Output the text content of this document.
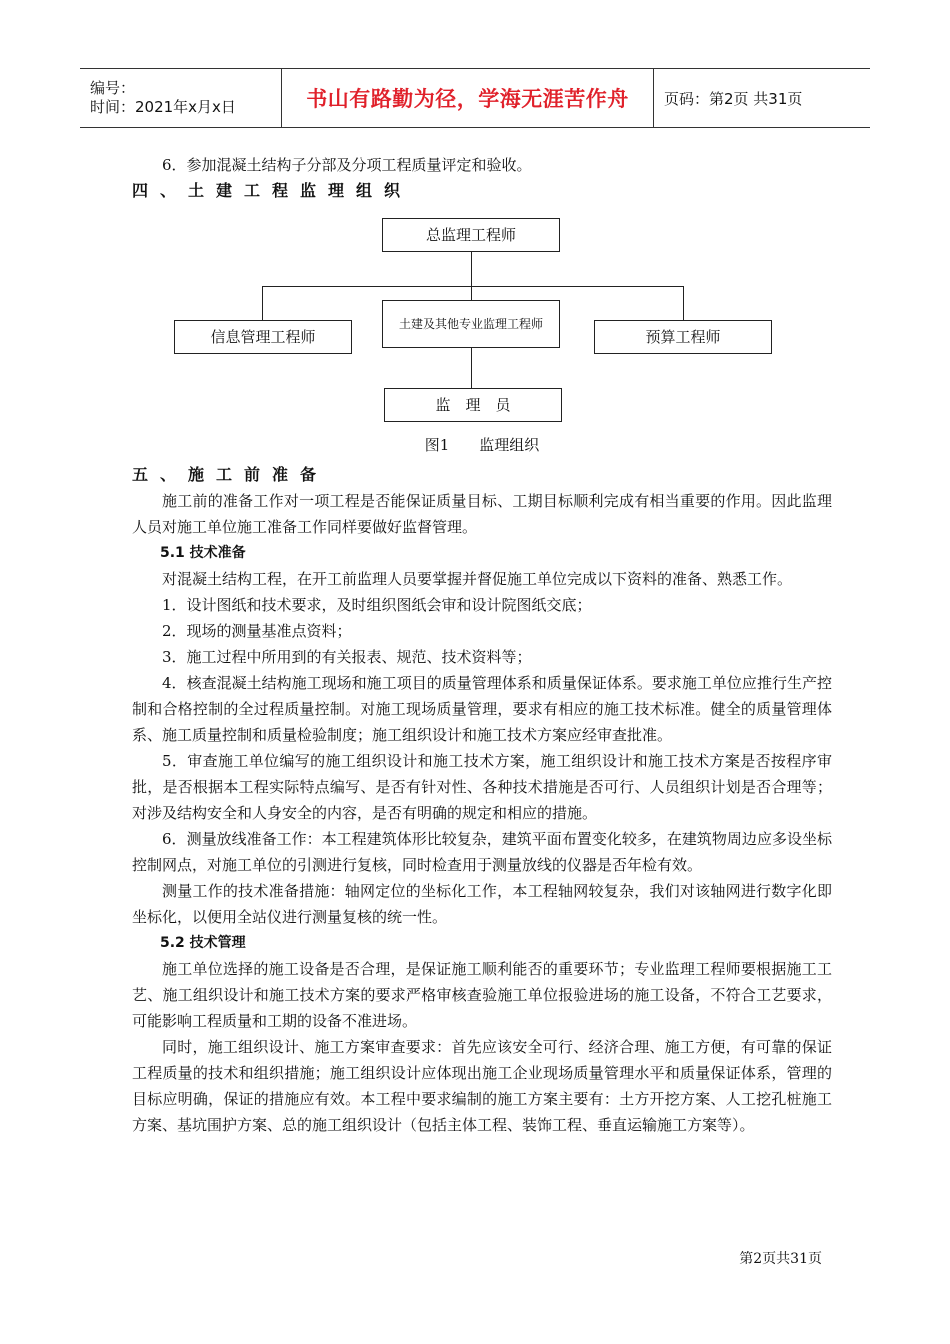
编号：
时间：2021年x月x日	书山有路勤为径，学海无涯苦作舟 页码：第2页 共31页

6．参加混凝土结构子分部及分项工程质量评定和验收。

四、土建工程监理组织

总监理工程师
信息管理工程师
土建及其他专业监理工程师
预算工程师
监　理　员
图1　　监理组织

五、施工前准备

施工前的准备工作对一项工程是否能保证质量目标、工期目标顺利完成有相当重要的作用。因此监理人员对施工单位施工准备工作同样要做好监督管理。

5.1 技术准备

对混凝土结构工程，在开工前监理人员要掌握并督促施工单位完成以下资料的准备、熟悉工作。

1．设计图纸和技术要求，及时组织图纸会审和设计院图纸交底；

2．现场的测量基准点资料；

3．施工过程中所用到的有关报表、规范、技术资料等；

4．核查混凝土结构施工现场和施工项目的质量管理体系和质量保证体系。要求施工单位应推行生产控制和合格控制的全过程质量控制。对施工现场质量管理，要求有相应的施工技术标准。健全的质量管理体系、施工质量控制和质量检验制度；施工组织设计和施工技术方案应经审查批准。

5．审查施工单位编写的施工组织设计和施工技术方案，施工组织设计和施工技术方案是否按程序审批，是否根据本工程实际特点编写、是否有针对性、各种技术措施是否可行、人员组织计划是否合理等；对涉及结构安全和人身安全的内容，是否有明确的规定和相应的措施。

6．测量放线准备工作：本工程建筑体形比较复杂，建筑平面布置变化较多，在建筑物周边应多设坐标控制网点，对施工单位的引测进行复核，同时检查用于测量放线的仪器是否年检有效。

测量工作的技术准备措施：轴网定位的坐标化工作，本工程轴网较复杂，我们对该轴网进行数字化即坐标化，以便用全站仪进行测量复核的统一性。

5.2 技术管理

施工单位选择的施工设备是否合理，是保证施工顺利能否的重要环节；专业监理工程师要根据施工工艺、施工组织设计和施工技术方案的要求严格审核查验施工单位报验进场的施工设备，不符合工艺要求，可能影响工程质量和工期的设备不准进场。

同时，施工组织设计、施工方案审查要求：首先应该安全可行、经济合理、施工方便，有可靠的保证工程质量的技术和组织措施；施工组织设计应体现出施工企业现场质量管理水平和质量保证体系，管理的目标应明确，保证的措施应有效。本工程中要求编制的施工方案主要有：土方开挖方案、人工挖孔桩施工方案、基坑围护方案、总的施工组织设计（包括主体工程、装饰工程、垂直运输施工方案等）。

第2页共31页
